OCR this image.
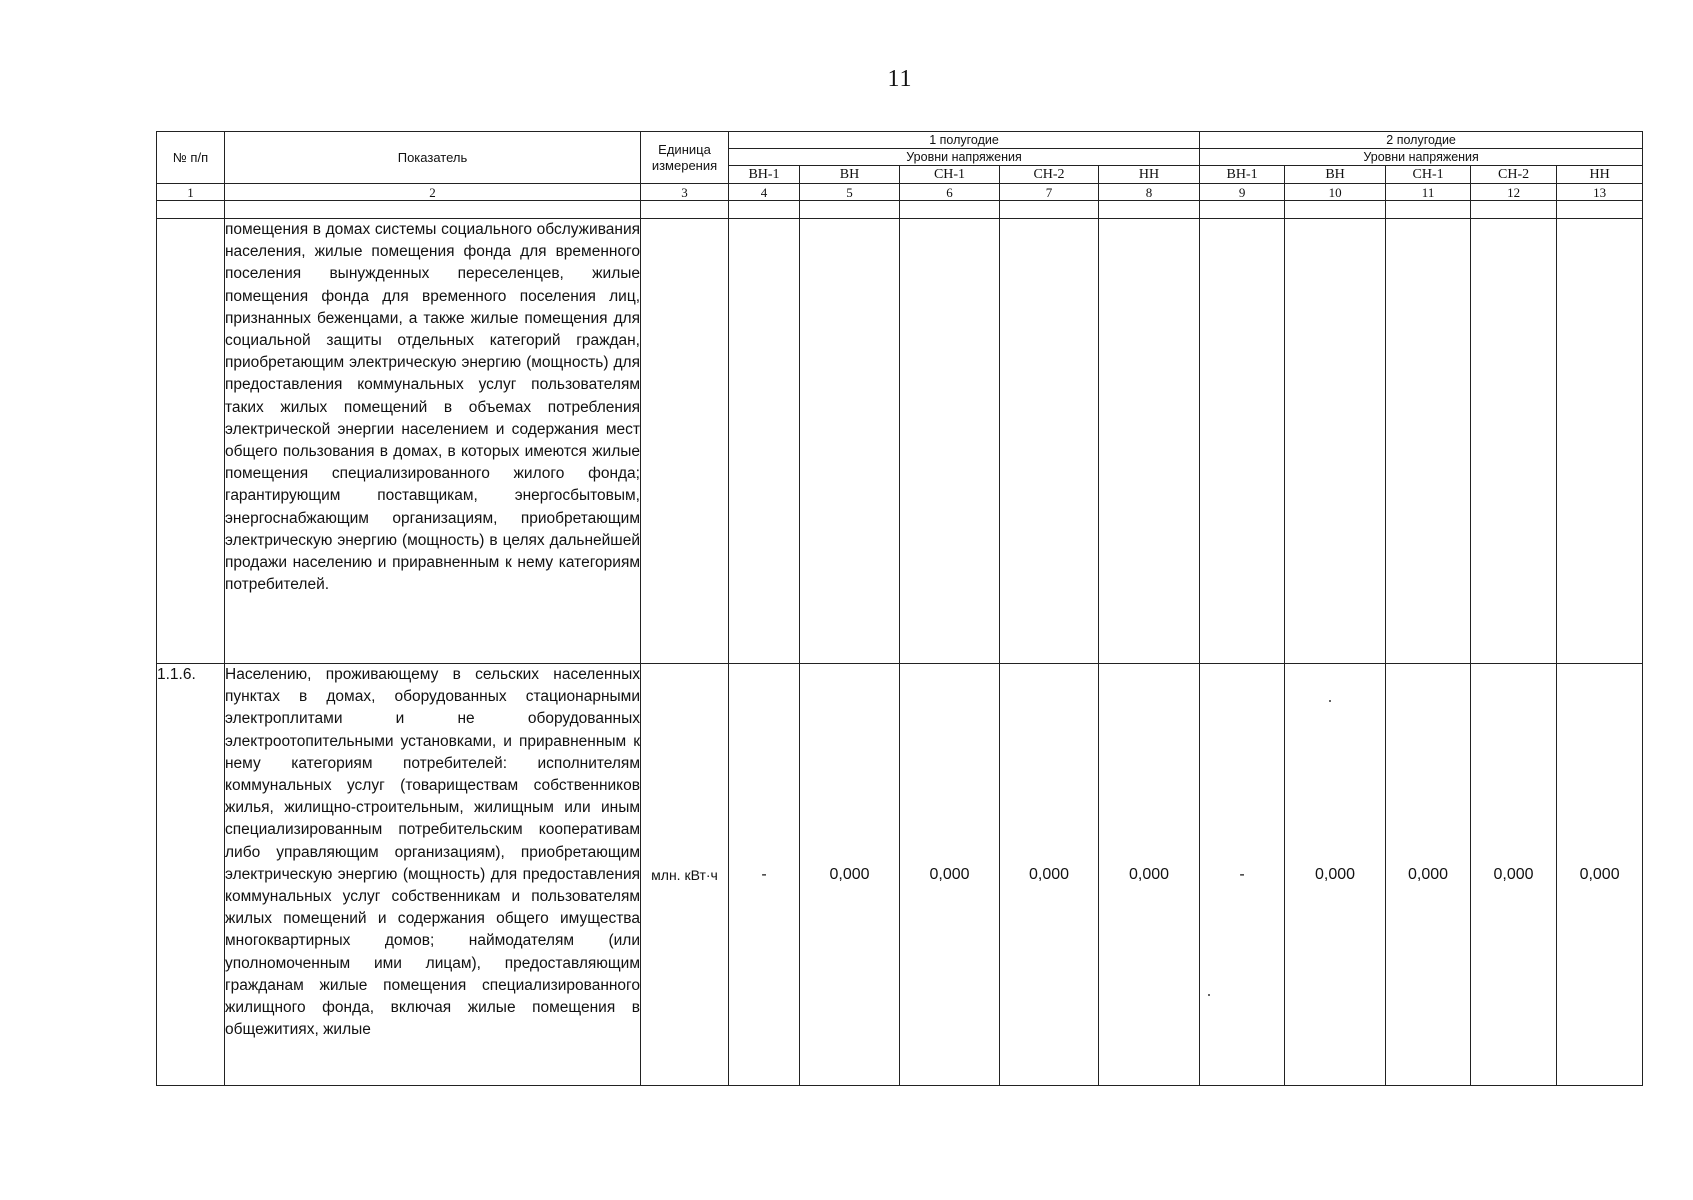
11
№ п/п	Показатель	Единица измерения	1 полугодие					2 полугодие				
			Уровни напряжения					Уровни напряжения				
			ВН-1	ВН	СН-1	СН-2	НН	ВН-1	ВН	СН-1	СН-2	НН
1	2	3	4	5	6	7	8	9	10	11	12	13

	помещения в домах системы социального обслуживания населения, жилые помещения фонда для временного поселения вынужденных переселенцев, жилые помещения фонда для временного поселения лиц, признанных беженцами, а также жилые помещения для социальной защиты отдельных категорий граждан, приобретающим электрическую энергию (мощность) для предоставления коммунальных услуг пользователям таких жилых помещений в объемах потребления электрической энергии населением и содержания мест общего пользования в домах, в которых имеются жилые помещения специализированного жилого фонда; гарантирующим поставщикам, энергосбытовым, энергоснабжающим организациям, приобретающим электрическую энергию (мощность) в целях дальнейшей продажи населению и приравненным к нему категориям потребителей.											
1.1.6.	Населению, проживающему в сельских населенных пунктах в домах, оборудованных стационарными электроплитами и не оборудованных электроотопительными установками, и приравненным к нему категориям потребителей: исполнителям коммунальных услуг (товариществам собственников жилья, жилищно-строительным, жилищным или иным специализированным потребительским кооперативам либо управляющим организациям), приобретающим электрическую энергию (мощность) для предоставления коммунальных услуг собственникам и пользователям жилых помещений и содержания общего имущества многоквартирных домов; наймодателям (или уполномоченным ими лицам), предоставляющим гражданам жилые помещения специализированного жилищного фонда, включая жилые помещения в общежитиях, жилые	млн. кВт·ч	-	0,000	0,000	0,000	0,000	-	0,000	0,000	0,000	0,000
